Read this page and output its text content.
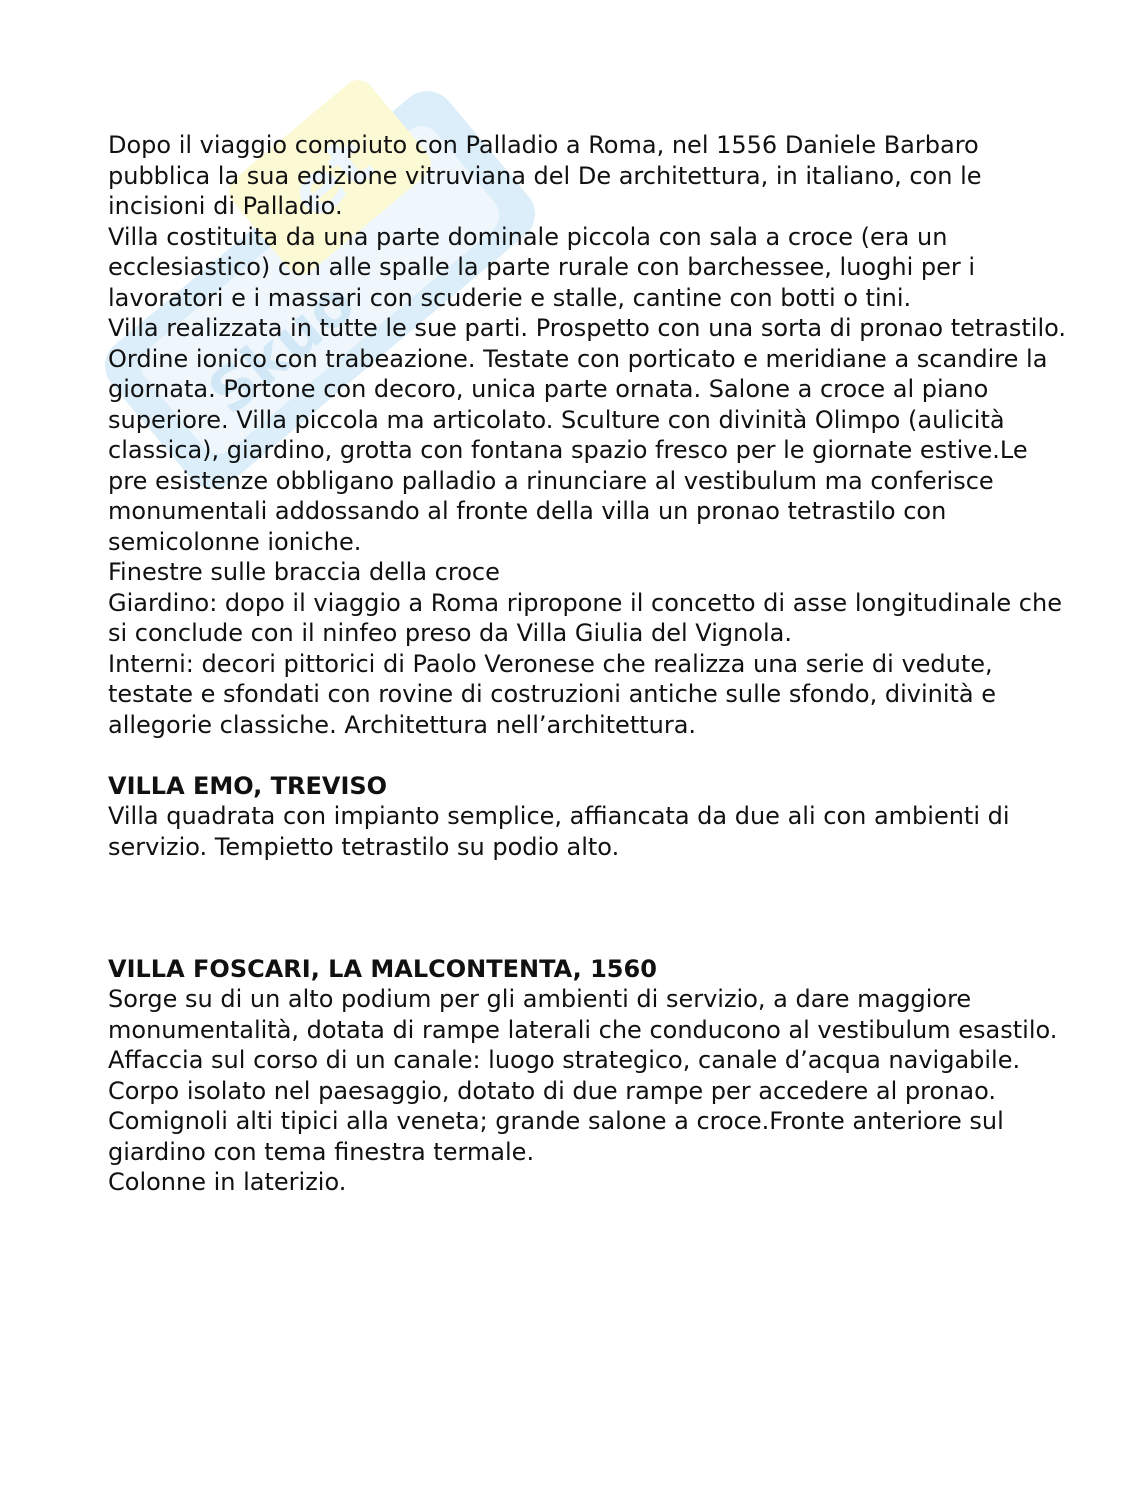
et
Skuo

Dopo il viaggio compiuto con Palladio a Roma, nel 1556 Daniele Barbaro pubblica la sua edizione vitruviana del De architettura, in italiano, con le incisioni di Palladio.

Villa costituita da una parte dominale piccola con sala a croce (era un ecclesiastico) con alle spalle la parte rurale con barchessee, luoghi per i lavoratori e i massari con scuderie e stalle, cantine con botti o tini.

Villa realizzata in tutte le sue parti. Prospetto con una sorta di pronao tetrastilo. Ordine ionico con trabeazione. Testate con porticato e meridiane a scandire la giornata. Portone con decoro, unica parte ornata. Salone a croce al piano superiore. Villa piccola ma articolato. Sculture con divinità Olimpo (aulicità classica), giardino, grotta con fontana spazio fresco per le giornate estive.Le pre esistenze obbligano palladio a rinunciare al vestibulum ma conferisce monumentali addossando al fronte della villa un pronao tetrastilo con semicolonne ioniche.

Finestre sulle braccia della croce

Giardino: dopo il viaggio a Roma ripropone il concetto di asse longitudinale che si conclude con il ninfeo preso da Villa Giulia del Vignola.

Interni: decori pittorici di Paolo Veronese che realizza una serie di vedute, testate e sfondati con rovine di costruzioni antiche sulle sfondo, divinità e allegorie classiche. Architettura nell’architettura.

VILLA EMO, TREVISO

Villa quadrata con impianto semplice, affiancata da due ali con ambienti di servizio. Tempietto tetrastilo su podio alto.

VILLA FOSCARI, LA MALCONTENTA, 1560

Sorge su di un alto podium per gli ambienti di servizio, a dare maggiore monumentalità, dotata di rampe laterali che conducono al vestibulum esastilo.

Affaccia sul corso di un canale: luogo strategico, canale d’acqua navigabile.

Corpo isolato nel paesaggio, dotato di due rampe per accedere al pronao.

Comignoli alti tipici alla veneta; grande salone a croce.Fronte anteriore sul giardino con tema finestra termale.

Colonne in laterizio.
